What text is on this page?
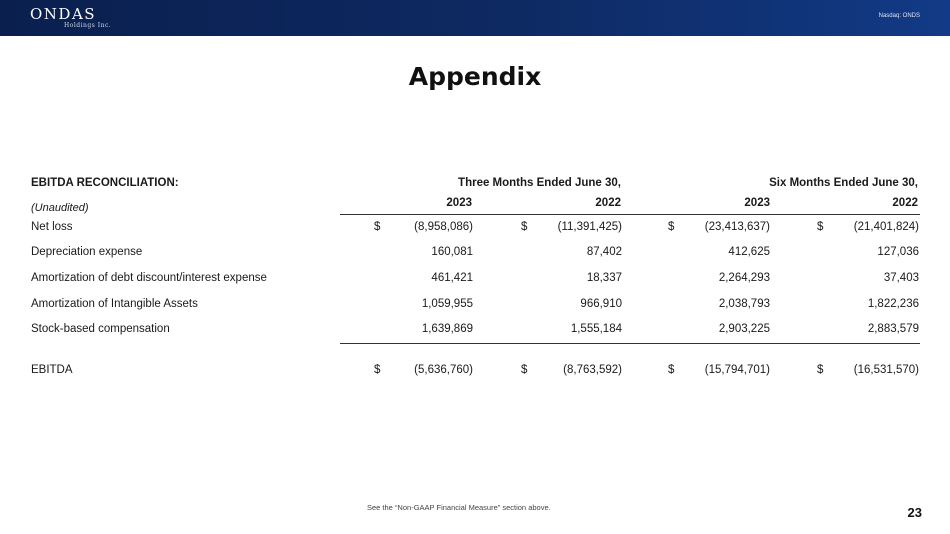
ONDAS
Holdings Inc.
Nasdaq: ONDS
Appendix
EBITDA RECONCILIATION:
(Unaudited)
Three Months Ended June 30,	Six Months Ended June 30,
2023	2022	2023	2022
Net loss	$	(8,958,086)	$	(11,391,425)	$	(23,413,637)	$	(21,401,824)
Depreciation expense	160,081	87,402	412,625	127,036
Amortization of debt discount/interest expense	461,421	18,337	2,264,293	37,403
Amortization of Intangible Assets	1,059,955	966,910	2,038,793	1,822,236
Stock-based compensation	1,639,869	1,555,184	2,903,225	2,883,579
EBITDA	$	(5,636,760)	$	(8,763,592)	$	(15,794,701)	$	(16,531,570)
See the “Non-GAAP Financial Measure” section above.	23
